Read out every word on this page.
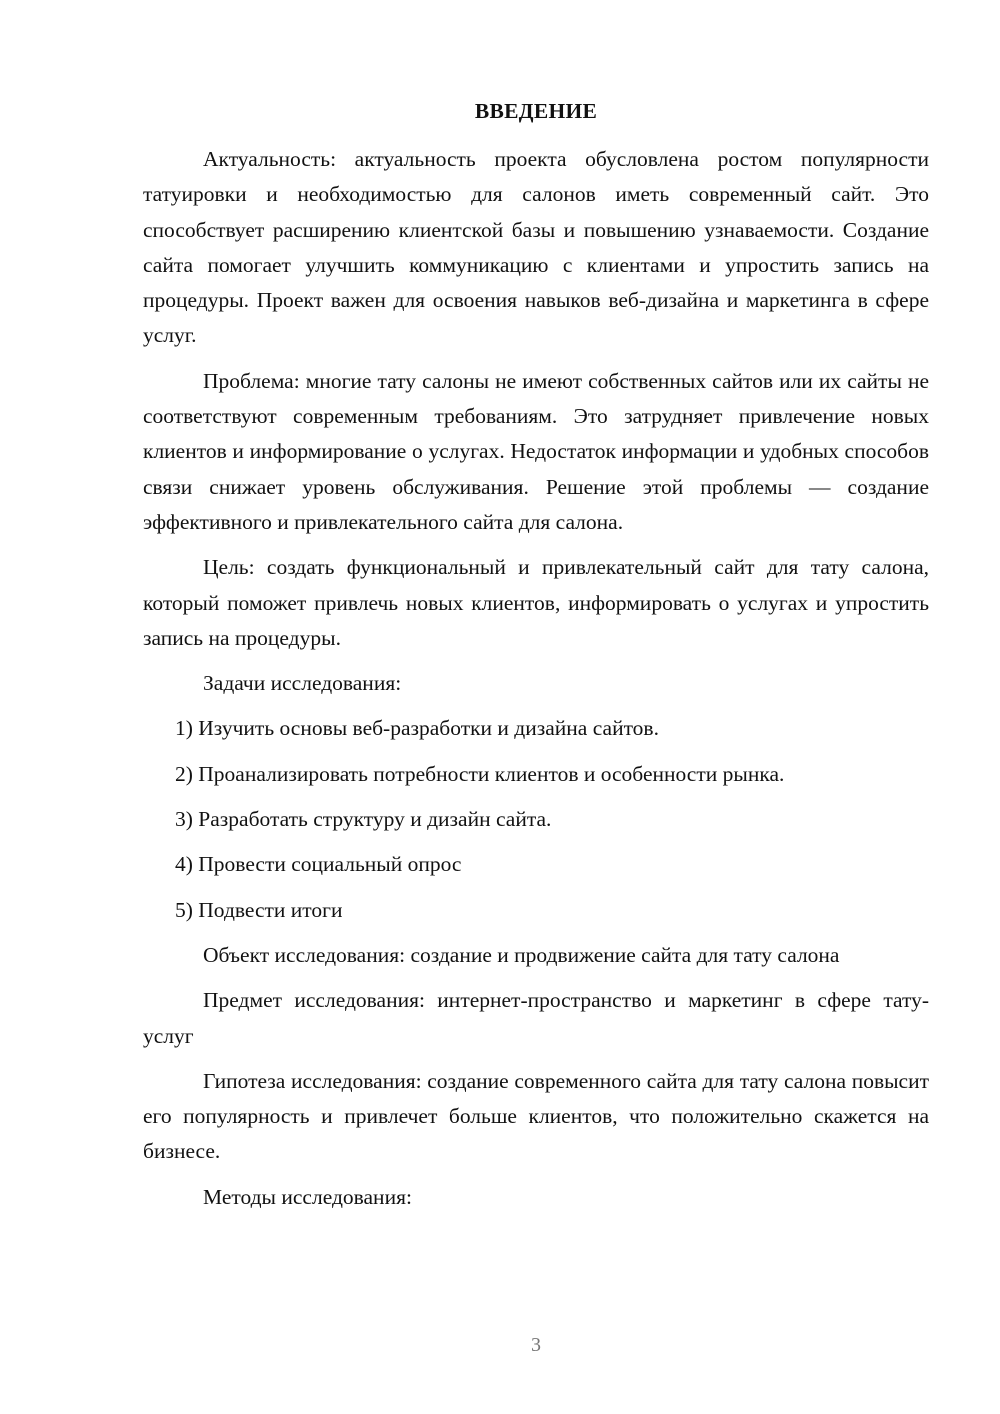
ВВЕДЕНИЕ

Актуальность: актуальность проекта обусловлена ростом популярности татуировки и необходимостью для салонов иметь современный сайт. Это способствует расширению клиентской базы и повышению узнаваемости. Создание сайта помогает улучшить коммуникацию с клиентами и упростить запись на процедуры. Проект важен для освоения навыков веб-дизайна и маркетинга в сфере услуг.

Проблема: многие тату салоны не имеют собственных сайтов или их сайты не соответствуют современным требованиям. Это затрудняет привлечение новых клиентов и информирование о услугах. Недостаток информации и удобных способов связи снижает уровень обслуживания. Решение этой проблемы — создание эффективного и привлекательного сайта для салона.

Цель: создать функциональный и привлекательный сайт для тату салона, который поможет привлечь новых клиентов, информировать о услугах и упростить запись на процедуры.

Задачи исследования:

1) Изучить основы веб-разработки и дизайна сайтов.

2) Проанализировать потребности клиентов и особенности рынка.

3) Разработать структуру и дизайн сайта.

4) Провести социальный опрос

5) Подвести итоги

Объект исследования: создание и продвижение сайта для тату салона

Предмет исследования: интернет-пространство и маркетинг в сфере тату-услуг

Гипотеза исследования: создание современного сайта для тату салона повысит его популярность и привлечет больше клиентов, что положительно скажется на бизнесе.

Методы исследования:

3
